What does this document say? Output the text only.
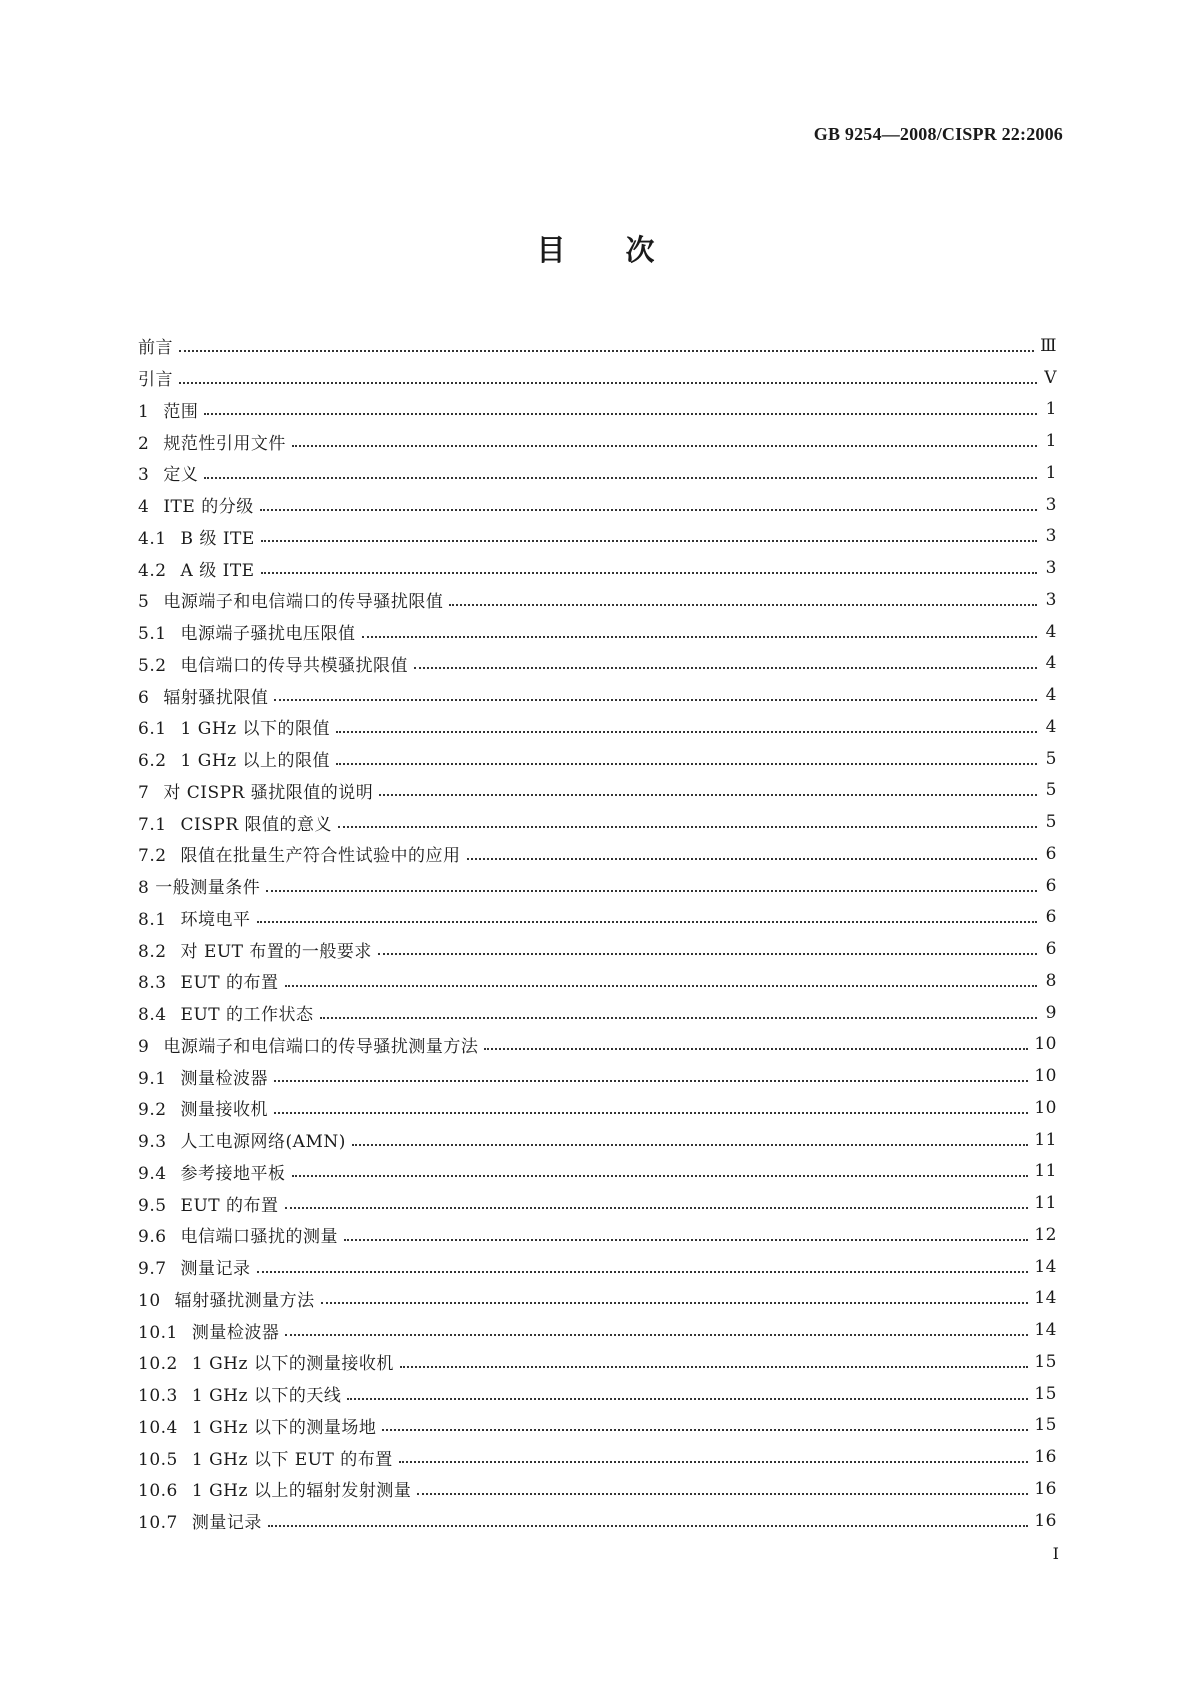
GB 9254—2008/CISPR 22:2006
目次
前言	Ⅲ
引言	Ⅴ
1 范围	1
2 规范性引用文件	1
3 定义	1
4 ITE 的分级	3
4.1 B 级 ITE	3
4.2 A 级 ITE	3
5 电源端子和电信端口的传导骚扰限值	3
5.1 电源端子骚扰电压限值	4
5.2 电信端口的传导共模骚扰限值	4
6 辐射骚扰限值	4
6.1 1 GHz 以下的限值	4
6.2 1 GHz 以上的限值	5
7 对 CISPR 骚扰限值的说明	5
7.1 CISPR 限值的意义	5
7.2 限值在批量生产符合性试验中的应用	6
8 一般测量条件	6
8.1 环境电平	6
8.2 对 EUT 布置的一般要求	6
8.3 EUT 的布置	8
8.4 EUT 的工作状态	9
9 电源端子和电信端口的传导骚扰测量方法	10
9.1 测量检波器	10
9.2 测量接收机	10
9.3 人工电源网络(AMN)	11
9.4 参考接地平板	11
9.5 EUT 的布置	11
9.6 电信端口骚扰的测量	12
9.7 测量记录	14
10 辐射骚扰测量方法	14
10.1 测量检波器	14
10.2 1 GHz 以下的测量接收机	15
10.3 1 GHz 以下的天线	15
10.4 1 GHz 以下的测量场地	15
10.5 1 GHz 以下 EUT 的布置	16
10.6 1 GHz 以上的辐射发射测量	16
10.7 测量记录	16
I
